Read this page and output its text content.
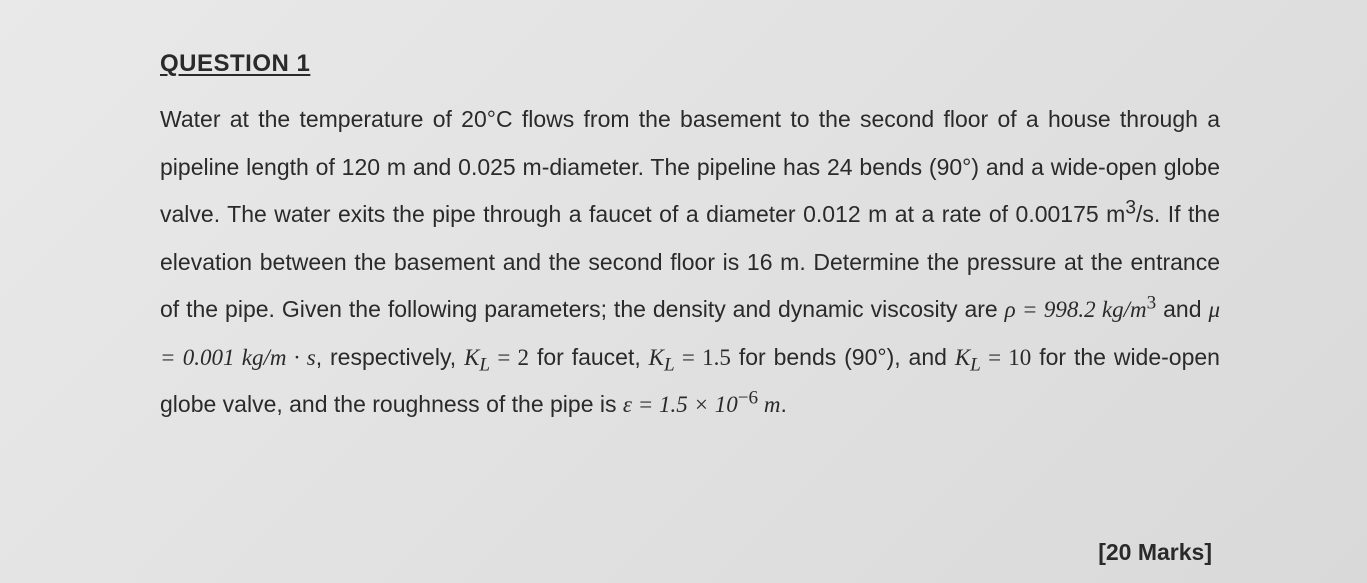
QUESTION 1

Water at the temperature of 20°C flows from the basement to the second floor of a house through a pipeline length of 120 m and 0.025 m-diameter. The pipeline has 24 bends (90°) and a wide-open globe valve. The water exits the pipe through a faucet of a diameter 0.012 m at a rate of 0.00175 $m^3/s$. If the elevation between the basement and the second floor is 16 m. Determine the pressure at the entrance of the pipe. Given the following parameters; the density and dynamic viscosity are ρ = 998.2 $kg/m^3$ and μ = 0.001 kg/m · s, respectively, $K_L = 2$ for faucet, $K_L = 1.5$ for bends (90°), and $K_L = 10$ for the wide-open globe valve, and the roughness of the pipe is $\varepsilon = 1.5 \times 10^{-6}$ m.

[20 Marks]
